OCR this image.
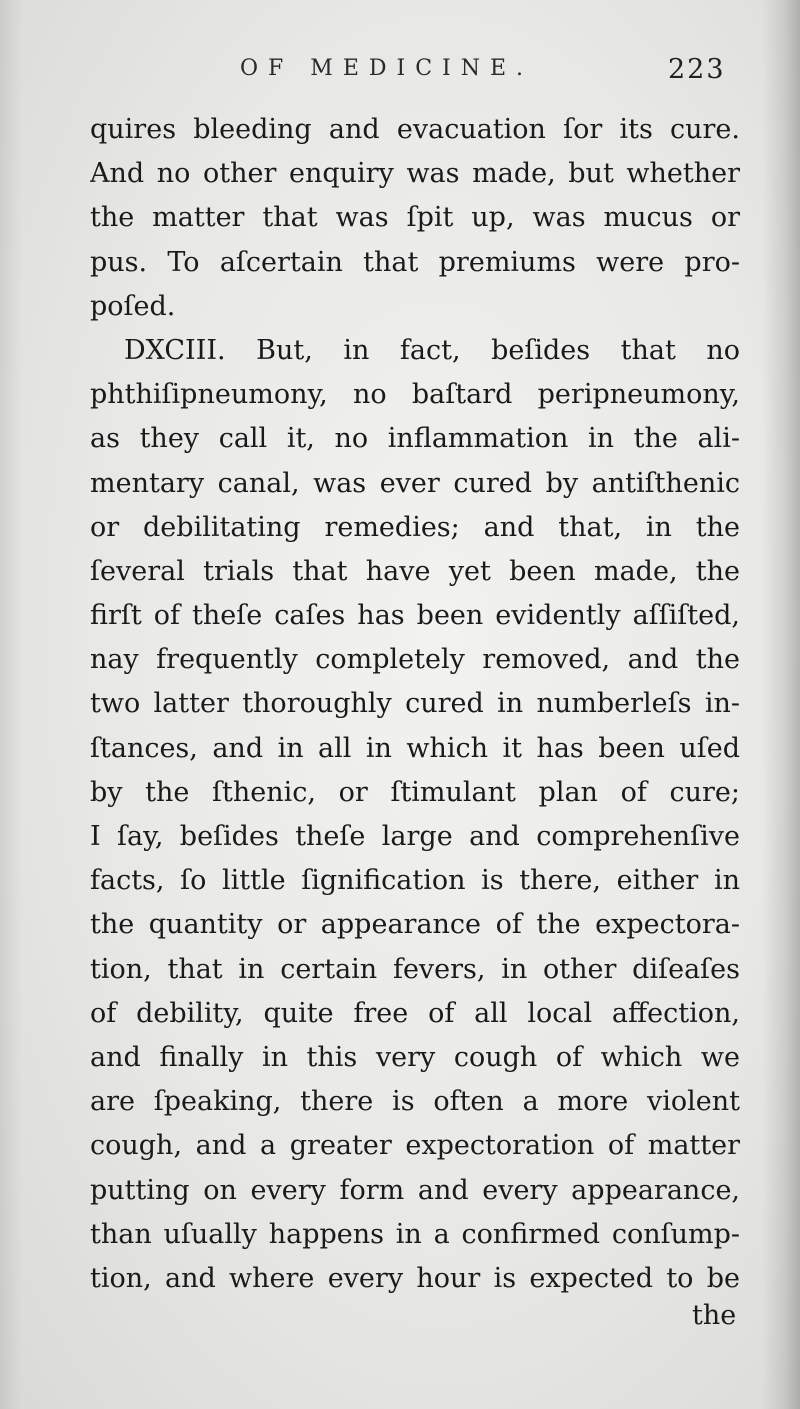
OF MEDICINE.	223
quires bleeding and evacuation ſor its cure.
And no other enquiry was made, but whether
the matter that was ſpit up, was mucus or
pus. To aſcertain that premiums were pro-
poſed.
DXCIII. But, in fact, beſides that no
phthiſipneumony, no baſtard peripneumony,
as they call it, no inflammation in the ali-
mentary canal, was ever cured by antiſthenic
or debilitating remedies; and that, in the
ſeveral trials that have yet been made, the
firſt of theſe caſes has been evidently aſſiſted,
nay frequently completely removed, and the
two latter thoroughly cured in numberleſs in-
ſtances, and in all in which it has been uſed
by the ſthenic, or ſtimulant plan of cure;
I ſay, beſides theſe large and comprehenſive
facts, ſo little ſignification is there, either in
the quantity or appearance of the expectora-
tion, that in certain fevers, in other diſeaſes
of debility, quite free of all local affection,
and finally in this very cough of which we
are ſpeaking, there is often a more violent
cough, and a greater expectoration of matter
putting on every form and every appearance,
than uſually happens in a confirmed conſump-
tion, and where every hour is expected to be
the
